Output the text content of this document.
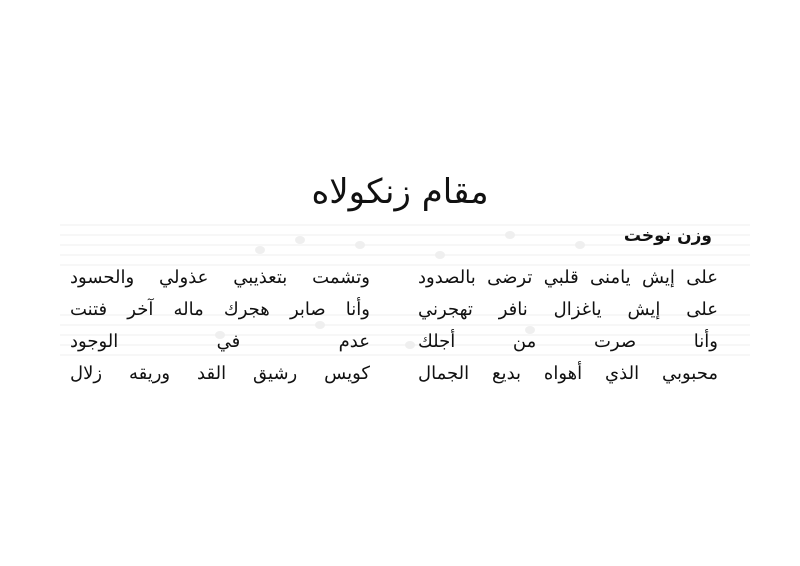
مقام زنكولاه
وزن نوخت
على إيش يامنى قلبي ترضى بالصدود
وتشمت بتعذيبي عذولي والحسود
على إيش ياغزال نافر تهجرني
وأنا صابر هجرك ماله آخر فتنت
وأنا صرت من أجلك
عدم في الوجود
محبوبي الذي أهواه بديع الجمال
كويس رشيق القد وريقه زلال
